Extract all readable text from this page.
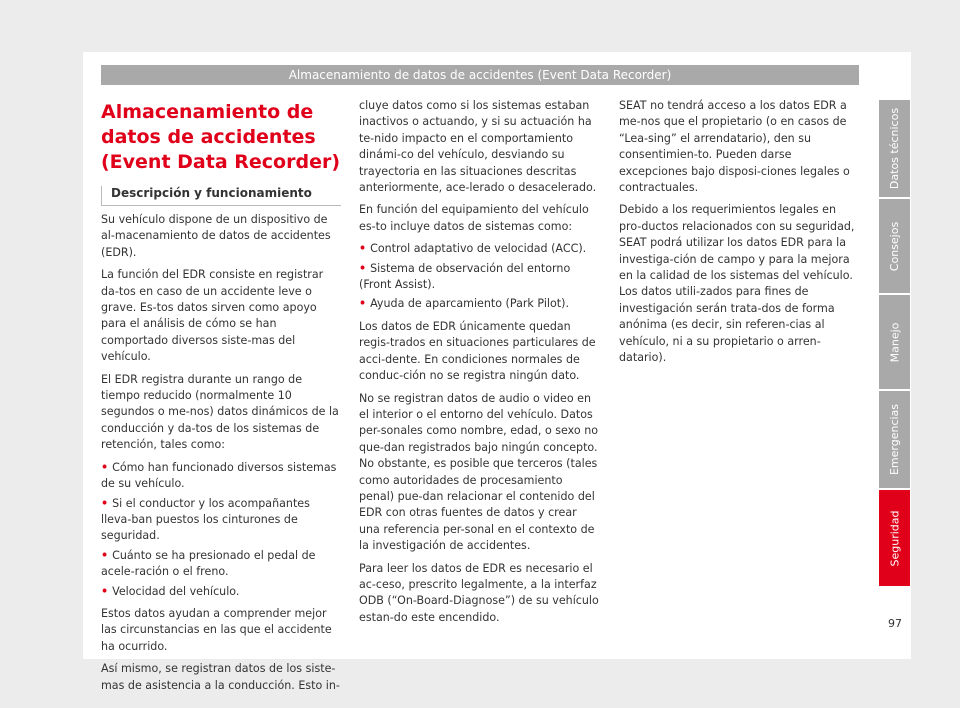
Almacenamiento de datos de accidentes (Event Data Recorder)
Almacenamiento de datos de accidentes (Event Data Recorder)
Descripción y funcionamiento

Su vehículo dispone de un dispositivo de al-macenamiento de datos de accidentes (EDR).

La función del EDR consiste en registrar da-tos en caso de un accidente leve o grave. Es-tos datos sirven como apoyo para el análisis de cómo se han comportado diversos siste-mas del vehículo.

El EDR registra durante un rango de tiempo reducido (normalmente 10 segundos o me-nos) datos dinámicos de la conducción y da-tos de los sistemas de retención, tales como:

• Cómo han funcionado diversos sistemas de su vehículo.

• Si el conductor y los acompañantes lleva-ban puestos los cinturones de seguridad.

• Cuánto se ha presionado el pedal de acele-ración o el freno.

• Velocidad del vehículo.

Estos datos ayudan a comprender mejor las circunstancias en las que el accidente ha ocurrido.

Así mismo, se registran datos de los siste-mas de asistencia a la conducción. Esto in-

cluye datos como si los sistemas estaban inactivos o actuando, y si su actuación ha te-nido impacto en el comportamiento dinámi-co del vehículo, desviando su trayectoria en las situaciones descritas anteriormente, ace-lerado o desacelerado.

En función del equipamiento del vehículo es-to incluye datos de sistemas como:

• Control adaptativo de velocidad (ACC).

• Sistema de observación del entorno (Front Assist).

• Ayuda de aparcamiento (Park Pilot).

Los datos de EDR únicamente quedan regis-trados en situaciones particulares de acci-dente. En condiciones normales de conduc-ción no se registra ningún dato.

No se registran datos de audio o video en el interior o el entorno del vehículo. Datos per-sonales como nombre, edad, o sexo no que-dan registrados bajo ningún concepto. No obstante, es posible que terceros (tales como autoridades de procesamiento penal) pue-dan relacionar el contenido del EDR con otras fuentes de datos y crear una referencia per-sonal en el contexto de la investigación de accidentes.

Para leer los datos de EDR es necesario el ac-ceso, prescrito legalmente, a la interfaz ODB (“On-Board-Diagnose”) de su vehículo estan-do este encendido.

SEAT no tendrá acceso a los datos EDR a me-nos que el propietario (o en casos de “Lea-sing” el arrendatario), den su consentimien-to. Pueden darse excepciones bajo disposi-ciones legales o contractuales.

Debido a los requerimientos legales en pro-ductos relacionados con su seguridad, SEAT podrá utilizar los datos EDR para la investiga-ción de campo y para la mejora en la calidad de los sistemas del vehículo. Los datos utili-zados para fines de investigación serán trata-dos de forma anónima (es decir, sin referen-cias al vehículo, ni a su propietario o arren-datario).

Datos técnicos
Consejos
Manejo
Emergencias
Seguridad
97
